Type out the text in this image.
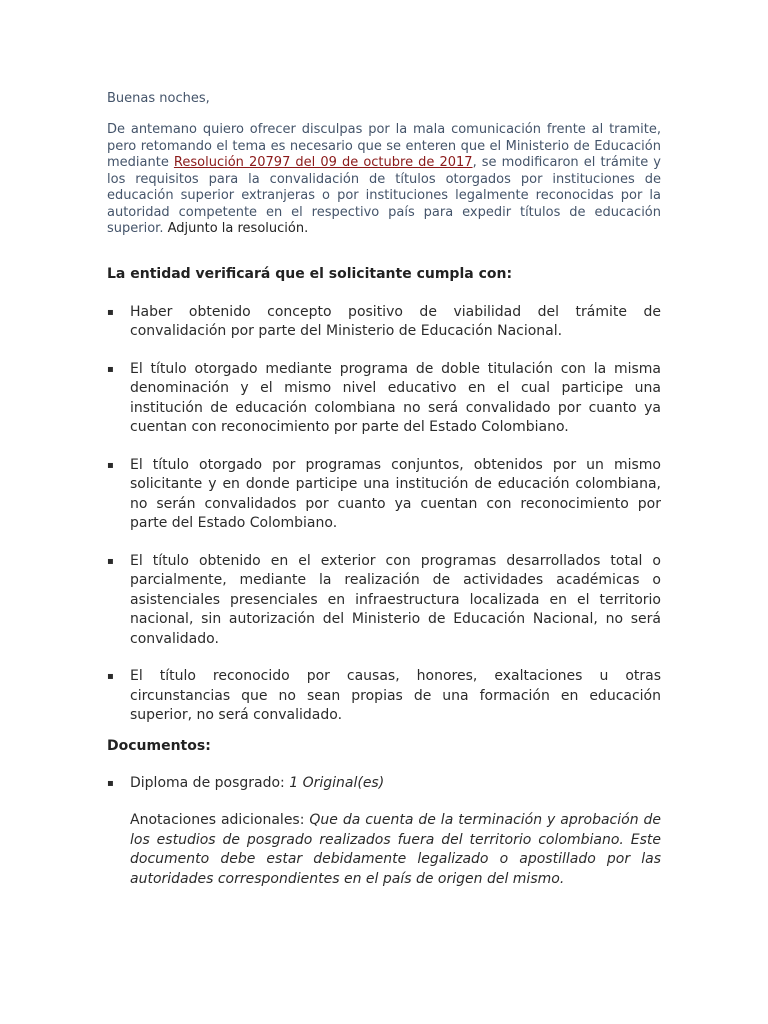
Buenas noches,

De antemano quiero ofrecer disculpas por la mala comunicación frente al tramite, pero retomando el tema es necesario que se enteren que el Ministerio de Educación mediante Resolución 20797 del 09 de octubre de 2017, se modificaron el trámite y los requisitos para la convalidación de títulos otorgados por instituciones de educación superior extranjeras o por instituciones legalmente reconocidas por la autoridad competente en el respectivo país para expedir títulos de educación superior. Adjunto la resolución.

La entidad verificará que el solicitante cumpla con:
▪ Haber obtenido concepto positivo de viabilidad del trámite de convalidación por parte del Ministerio de Educación Nacional.
▪ El título otorgado mediante programa de doble titulación con la misma denominación y el mismo nivel educativo en el cual participe una institución de educación colombiana no será convalidado por cuanto ya cuentan con reconocimiento por parte del Estado Colombiano.
▪ El título otorgado por programas conjuntos, obtenidos por un mismo solicitante y en donde participe una institución de educación colombiana, no serán convalidados por cuanto ya cuentan con reconocimiento por parte del Estado Colombiano.
▪ El título obtenido en el exterior con programas desarrollados total o parcialmente, mediante la realización de actividades académicas o asistenciales presenciales en infraestructura localizada en el territorio nacional, sin autorización del Ministerio de Educación Nacional, no será convalidado.
▪ El título reconocido por causas, honores, exaltaciones u otras circunstancias que no sean propias de una formación en educación superior, no será convalidado.
Documentos:
▪ Diploma de posgrado: 1 Original(es)

Anotaciones adicionales: Que da cuenta de la terminación y aprobación de los estudios de posgrado realizados fuera del territorio colombiano. Este documento debe estar debidamente legalizado o apostillado por las autoridades correspondientes en el país de origen del mismo.
